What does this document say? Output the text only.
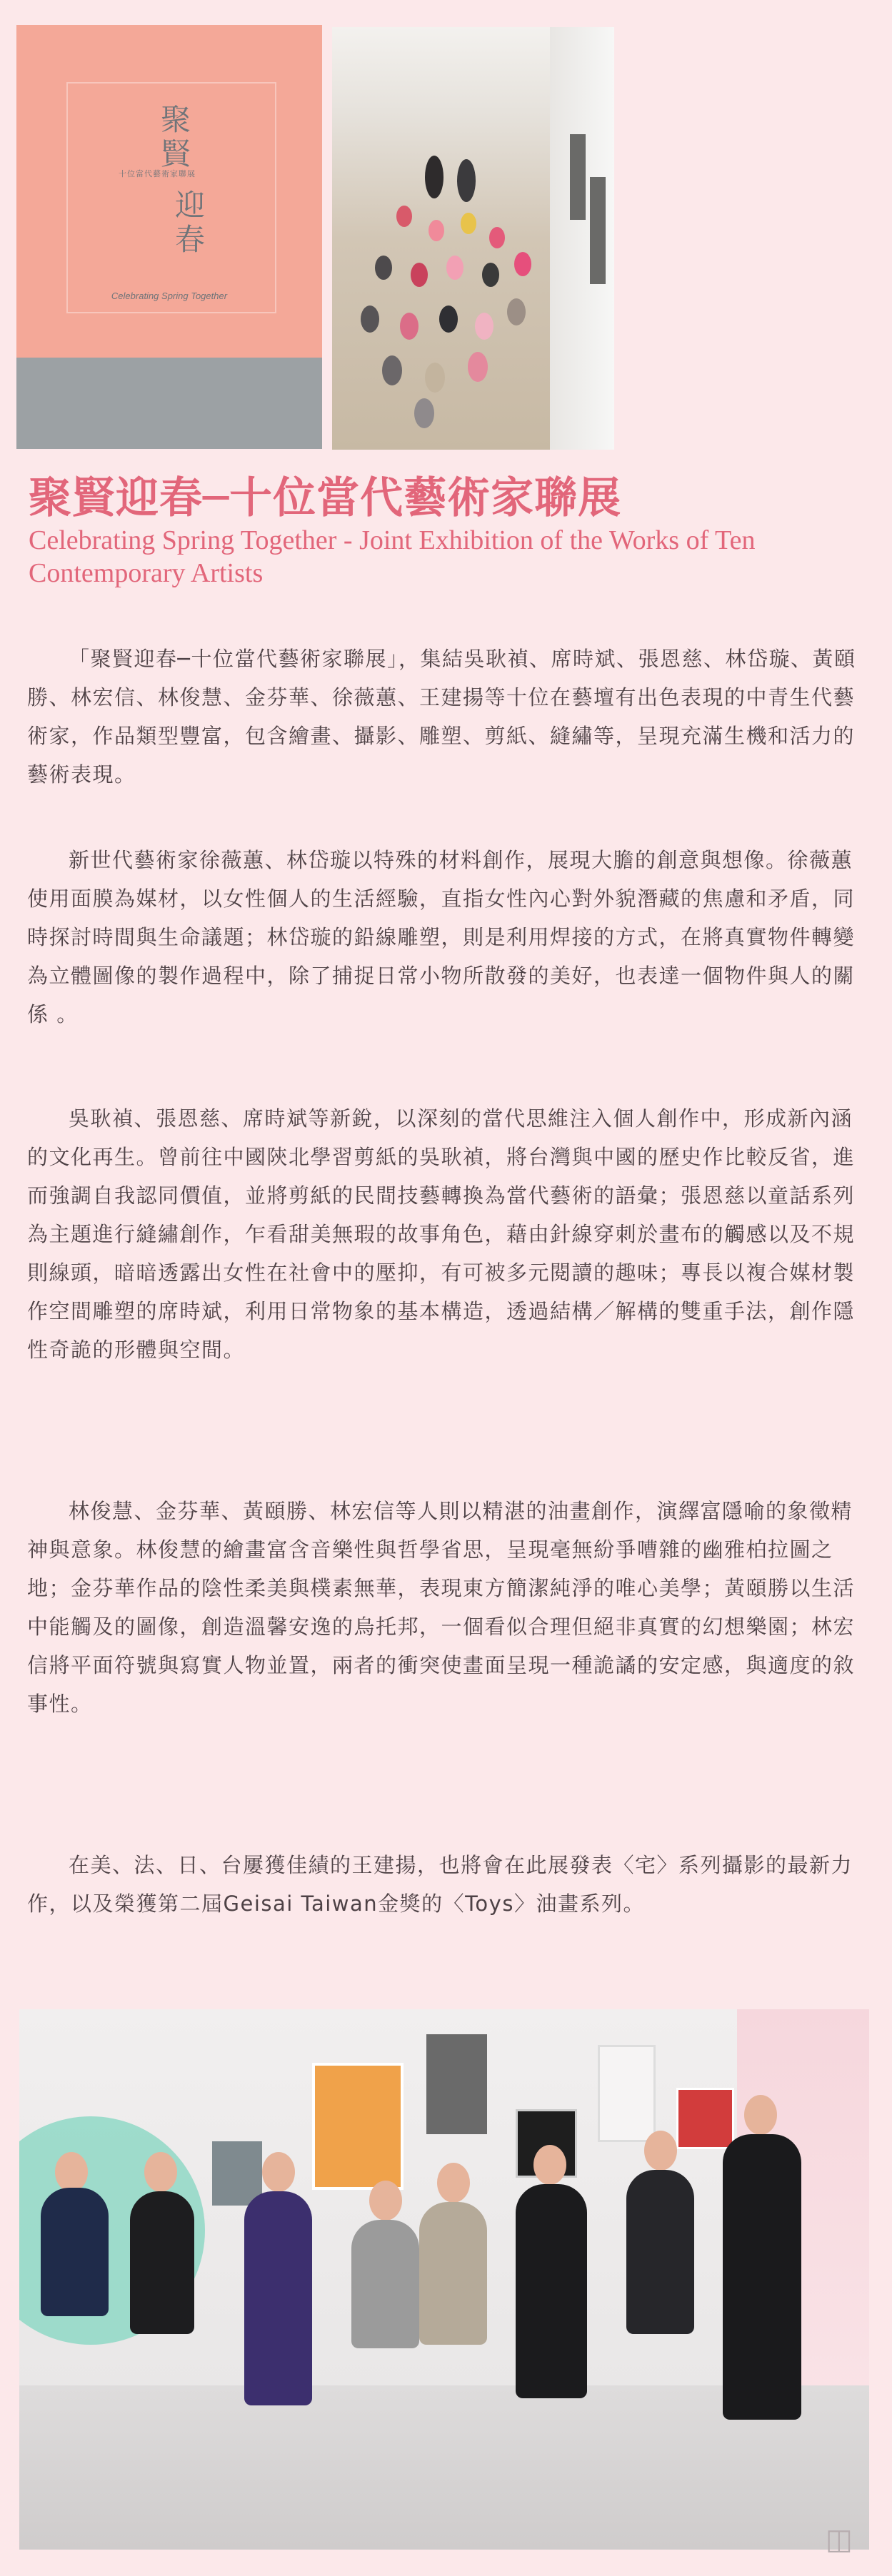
聚賢
迎春
十位當代藝術家聯展
Celebrating Spring Together
聚賢迎春─十位當代藝術家聯展
Celebrating Spring Together - Joint Exhibition of the Works of Ten Contemporary Artists

「聚賢迎春─十位當代藝術家聯展」，集結吳耿禎、席時斌、張恩慈、林岱璇、黃頤勝、林宏信、林俊慧、金芬華、徐薇蕙、王建揚等十位在藝壇有出色表現的中青生代藝術家，作品類型豐富，包含繪畫、攝影、雕塑、剪紙、縫繡等，呈現充滿生機和活力的藝術表現。

新世代藝術家徐薇蕙、林岱璇以特殊的材料創作，展現大膽的創意與想像。徐薇蕙使用面膜為媒材，以女性個人的生活經驗，直指女性內心對外貌潛藏的焦慮和矛盾，同時探討時間與生命議題；林岱璇的鉛線雕塑，則是利用焊接的方式，在將真實物件轉變為立體圖像的製作過程中，除了捕捉日常小物所散發的美好，也表達一個物件與人的關係 。

吳耿禎、張恩慈、席時斌等新銳，以深刻的當代思維注入個人創作中，形成新內涵的文化再生。曾前往中國陝北學習剪紙的吳耿禎，將台灣與中國的歷史作比較反省，進而強調自我認同價值，並將剪紙的民間技藝轉換為當代藝術的語彙；張恩慈以童話系列為主題進行縫繡創作，乍看甜美無瑕的故事角色，藉由針線穿刺於畫布的觸感以及不規則線頭，暗暗透露出女性在社會中的壓抑，有可被多元閱讀的趣味；專長以複合媒材製作空間雕塑的席時斌，利用日常物象的基本構造，透過結構／解構的雙重手法，創作隱性奇詭的形體與空間。

林俊慧、金芬華、黃頤勝、林宏信等人則以精湛的油畫創作，演繹富隱喻的象徵精神與意象。林俊慧的繪畫富含音樂性與哲學省思，呈現毫無紛爭嘈雜的幽雅柏拉圖之地；金芬華作品的陰性柔美與樸素無華，表現東方簡潔純淨的唯心美學；黃頤勝以生活中能觸及的圖像，創造溫馨安逸的烏托邦，一個看似合理但絕非真實的幻想樂園；林宏信將平面符號與寫實人物並置，兩者的衝突使畫面呈現一種詭譎的安定感，與適度的敘事性。

在美、法、日、台屢獲佳績的王建揚，也將會在此展發表〈宅〉系列攝影的最新力作，以及榮獲第二屆Geisai Taiwan金獎的〈Toys〉油畫系列。

◫
